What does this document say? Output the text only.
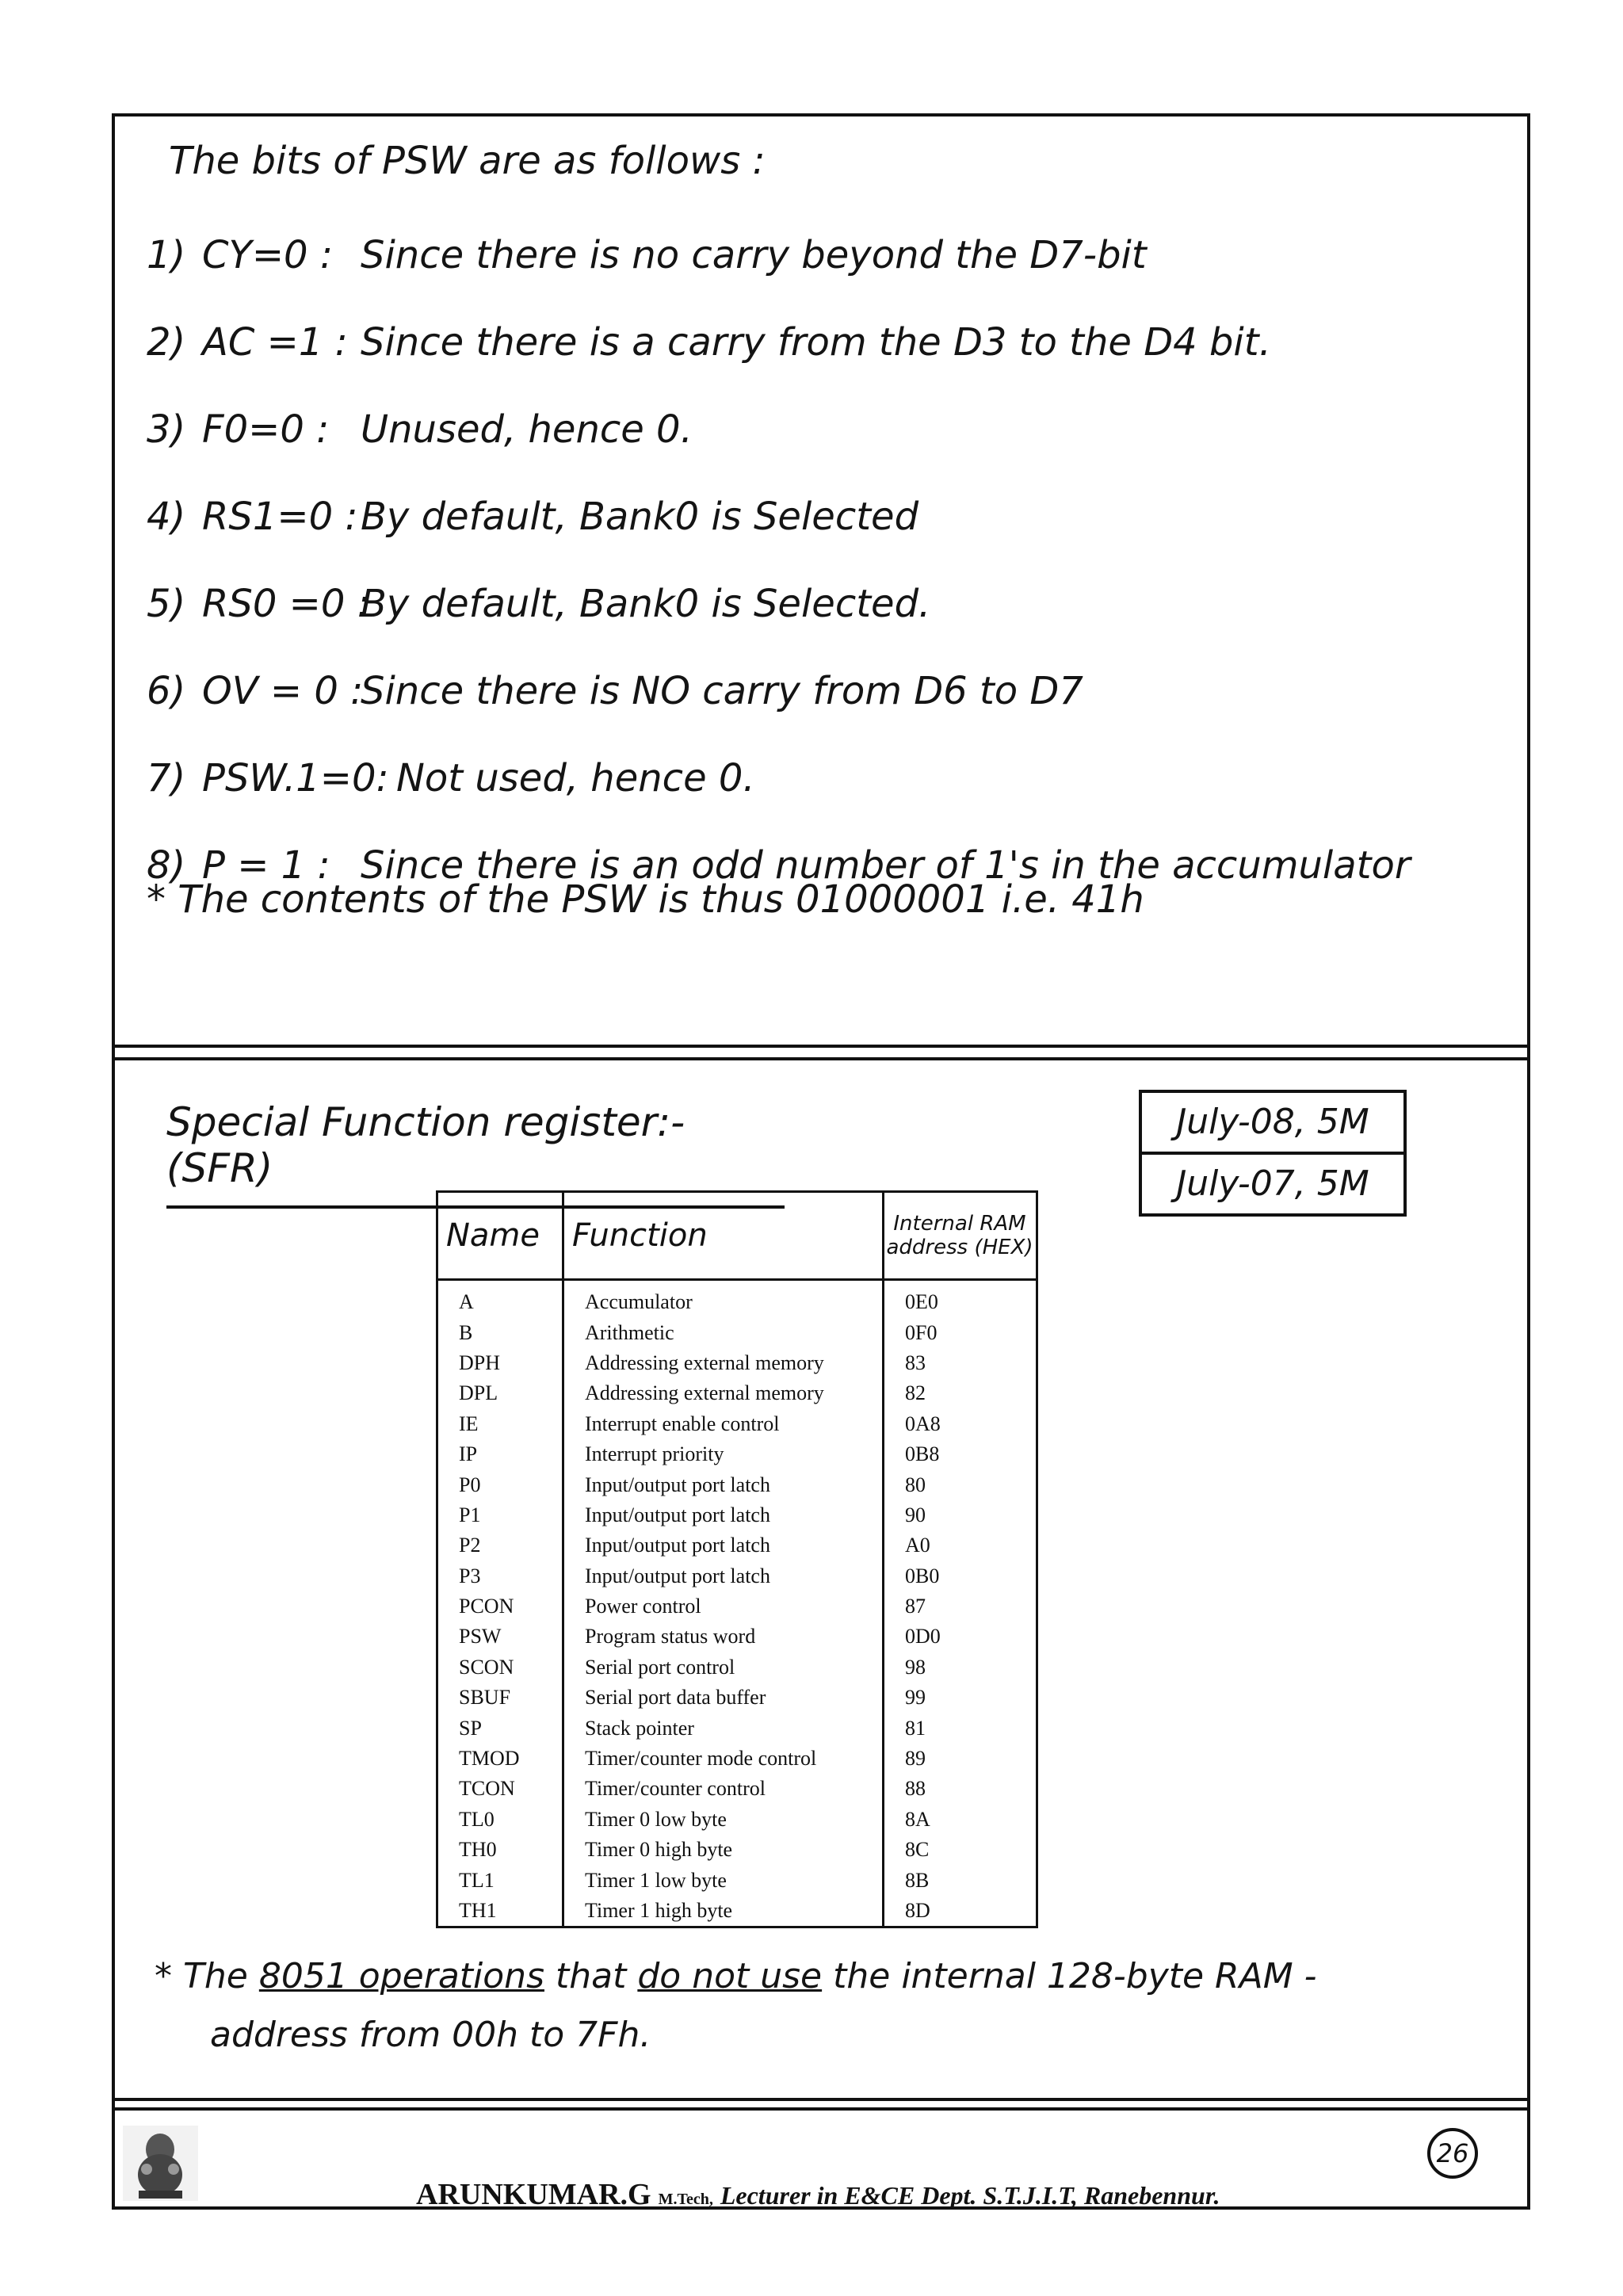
The bits of PSW are as follows :
1) CY=0 : Since there is no carry beyond the D7-bit
2) AC =1 : Since there is a carry from the D3 to the D4 bit.
3) F0=0 : Unused, hence 0.
4) RS1=0 : By default, Bank0 is Selected
5) RS0 =0 :
By default, Bank0 is Selected.
6) OV = 0 :
Since there is NO carry from D6 to D7
7) PSW.1=0: Not used, hence 0.
8) P = 1 : Since there is an odd number of 1's in the accumulator
* The contents of the PSW is thus 01000001 i.e. 41h
Special Function register:-(SFR)
July-08, 5M
July-07, 5M
Name	Function	Internal RAM address (HEX)
A	Accumulator	0E0
B	Arithmetic	0F0
DPH	Addressing external memory	83
DPL	Addressing external memory	82
IE	Interrupt enable control	0A8
IP	Interrupt priority	0B8
P0	Input/output port latch	80
P1	Input/output port latch	90
P2	Input/output port latch	A0
P3	Input/output port latch	0B0
PCON	Power control	87
PSW	Program status word	0D0
SCON	Serial port control	98
SBUF	Serial port data buffer	99
SP	Stack pointer	81
TMOD	Timer/counter mode control	89
TCON	Timer/counter control	88
TL0	Timer 0 low byte	8A
TH0	Timer 0 high byte	8C
TL1	Timer 1 low byte	8B
TH1	Timer 1 high byte	8D
* The 8051 operations that do not use the internal 128-byte RAM -
address from 00h to 7Fh.
26
ARUNKUMAR.G M.Tech, Lecturer in E&CE Dept. S.T.J.I.T, Ranebennur.
